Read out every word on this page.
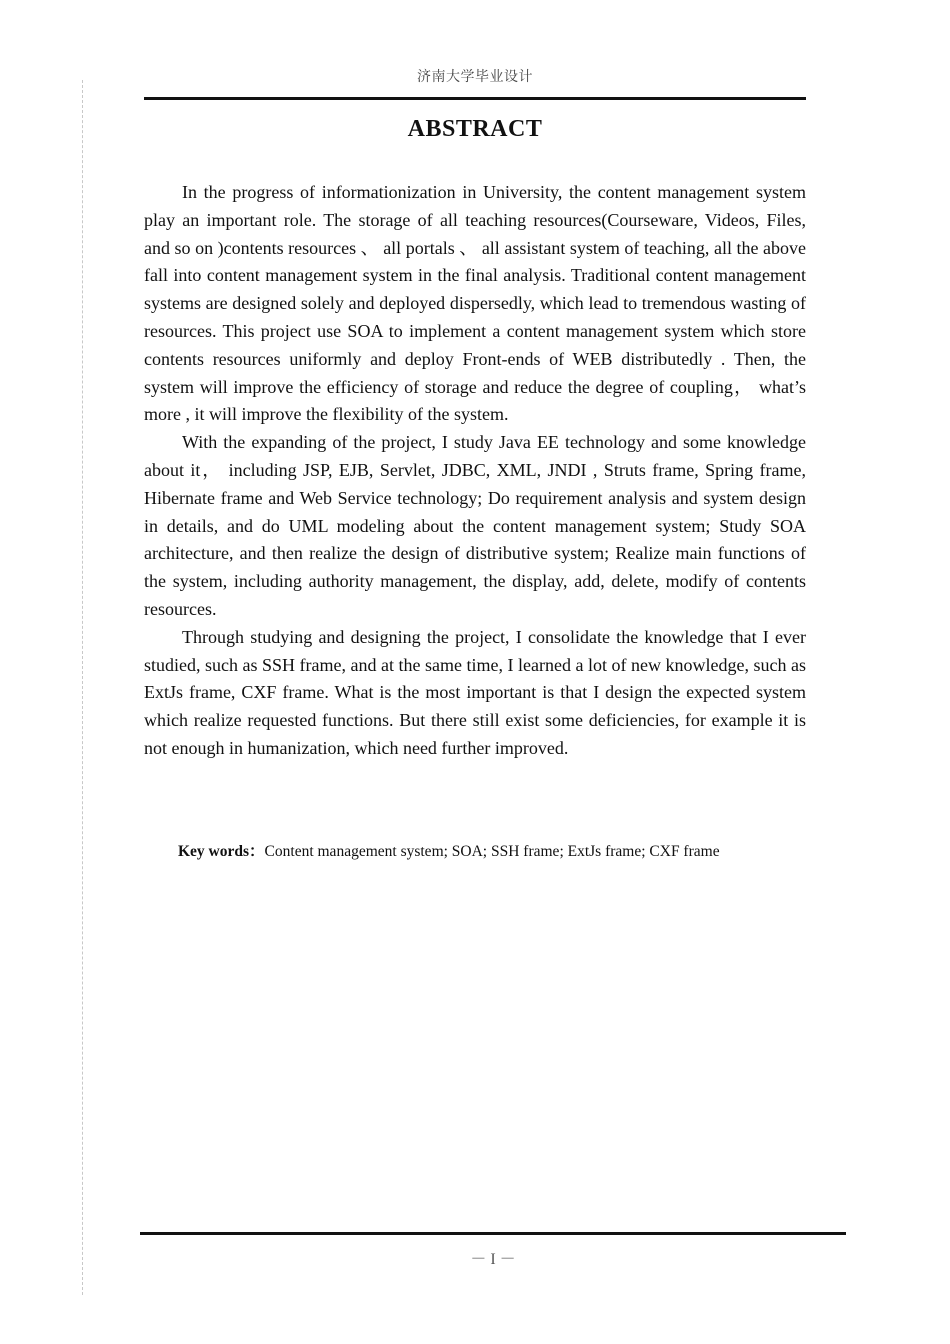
济南大学毕业设计
ABSTRACT

In the progress of informationization in University, the content management system play an important role. The storage of all teaching resources(Courseware, Videos, Files, and so on )contents resources 、 all portals 、 all assistant system of teaching, all the above fall into content management system in the final analysis. Traditional content management systems are designed solely and deployed dispersedly, which lead to tremendous wasting of resources. This project use SOA to implement a content management system which store contents resources uniformly and deploy Front-ends of WEB distributedly . Then, the system will improve the efficiency of storage and reduce the degree of coupling， what’s more , it will improve the flexibility of the system.

With the expanding of the project, I study Java EE technology and some knowledge about it， including JSP, EJB, Servlet, JDBC, XML, JNDI , Struts frame, Spring frame, Hibernate frame and Web Service technology; Do requirement analysis and system design in details, and do UML modeling about the content management system; Study SOA architecture, and then realize the design of distributive system; Realize main functions of the system, including authority management, the display, add, delete, modify of contents resources.

Through studying and designing the project, I consolidate the knowledge that I ever studied, such as SSH frame, and at the same time, I learned a lot of new knowledge, such as ExtJs frame, CXF frame. What is the most important is that I design the expected system which realize requested functions. But there still exist some deficiencies, for example it is not enough in humanization, which need further improved.

Key words：Content management system; SOA; SSH frame; ExtJs frame; CXF frame
－ I －
